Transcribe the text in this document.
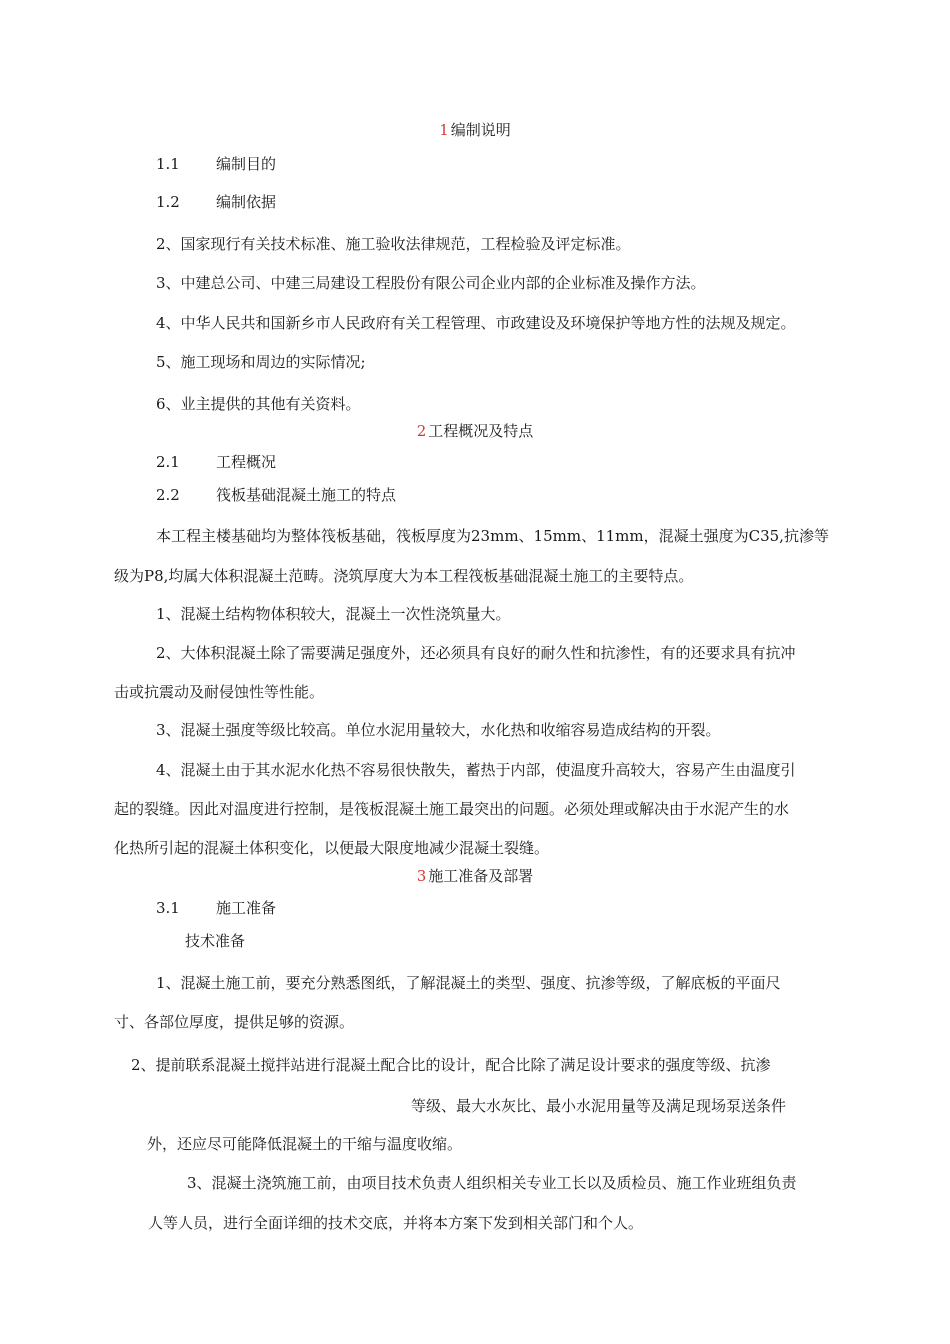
1 编制说明
1.1 编制目的
1.2 编制依据
2、国家现行有关技术标准、施工验收法律规范，工程检验及评定标准。
3、中建总公司、中建三局建设工程股份有限公司企业内部的企业标准及操作方法。
4、中华人民共和国新乡市人民政府有关工程管理、市政建设及环境保护等地方性的法规及规定。
5、施工现场和周边的实际情况;
6、业主提供的其他有关资料。
2 工程概况及特点
2.1 工程概况
2.2 筏板基础混凝土施工的特点
本工程主楼基础均为整体筏板基础，筏板厚度为23mm、15mm、11mm，混凝土强度为C35,抗渗等
级为P8,均属大体积混凝土范畴。浇筑厚度大为本工程筏板基础混凝土施工的主要特点。
1、混凝土结构物体积较大，混凝土一次性浇筑量大。
2、大体积混凝土除了需要满足强度外，还必须具有良好的耐久性和抗渗性，有的还要求具有抗冲
击或抗震动及耐侵蚀性等性能。
3、混凝土强度等级比较高。单位水泥用量较大，水化热和收缩容易造成结构的开裂。
4、混凝土由于其水泥水化热不容易很快散失，蓄热于内部，使温度升高较大，容易产生由温度引
起的裂缝。因此对温度进行控制，是筏板混凝土施工最突出的问题。必须处理或解决由于水泥产生的水
化热所引起的混凝土体积变化，以便最大限度地减少混凝土裂缝。
3 施工准备及部署
3.1 施工准备
技术准备
1、混凝土施工前，要充分熟悉图纸，了解混凝土的类型、强度、抗渗等级，了解底板的平面尺
寸、各部位厚度，提供足够的资源。
2、提前联系混凝土搅拌站进行混凝土配合比的设计，配合比除了满足设计要求的强度等级、抗渗
等级、最大水灰比、最小水泥用量等及满足现场泵送条件
外，还应尽可能降低混凝土的干缩与温度收缩。
3、混凝土浇筑施工前，由项目技术负责人组织相关专业工长以及质检员、施工作业班组负责
人等人员，进行全面详细的技术交底，并将本方案下发到相关部门和个人。
